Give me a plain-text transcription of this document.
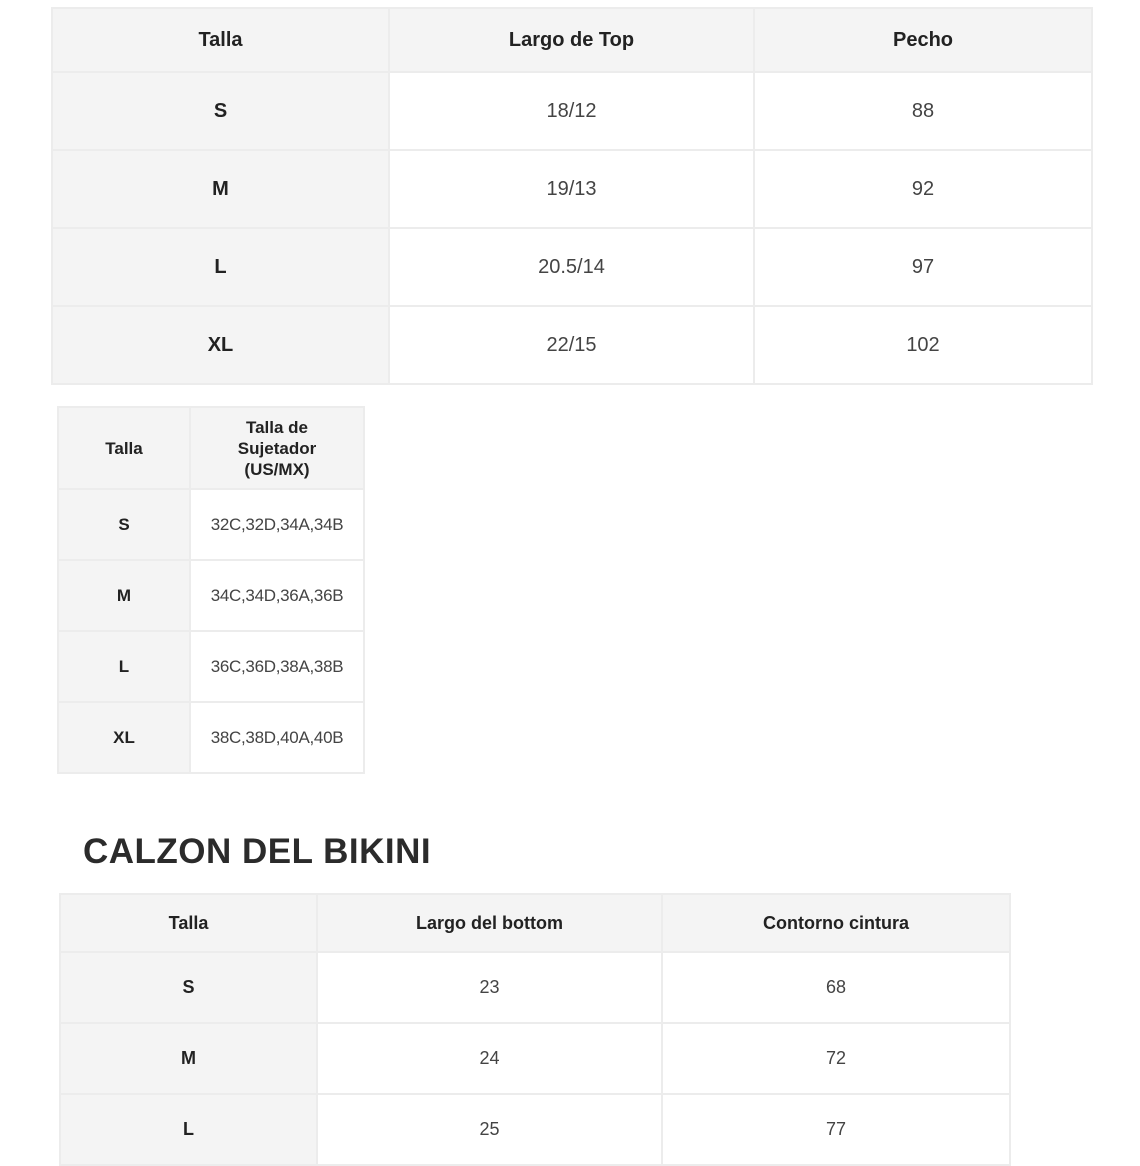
Talla	Largo de Top	Pecho
S	18/12	88
M	19/13	92
L	20.5/14	97
XL	22/15	102
Talla	Talla de Sujetador (US/MX)
S	32C,32D,34A,34B
M	34C,34D,36A,36B
L	36C,36D,38A,38B
XL	38C,38D,40A,40B
CALZON DEL BIKINI
Talla	Largo del bottom	Contorno cintura
S	23	68
M	24	72
L	25	77
